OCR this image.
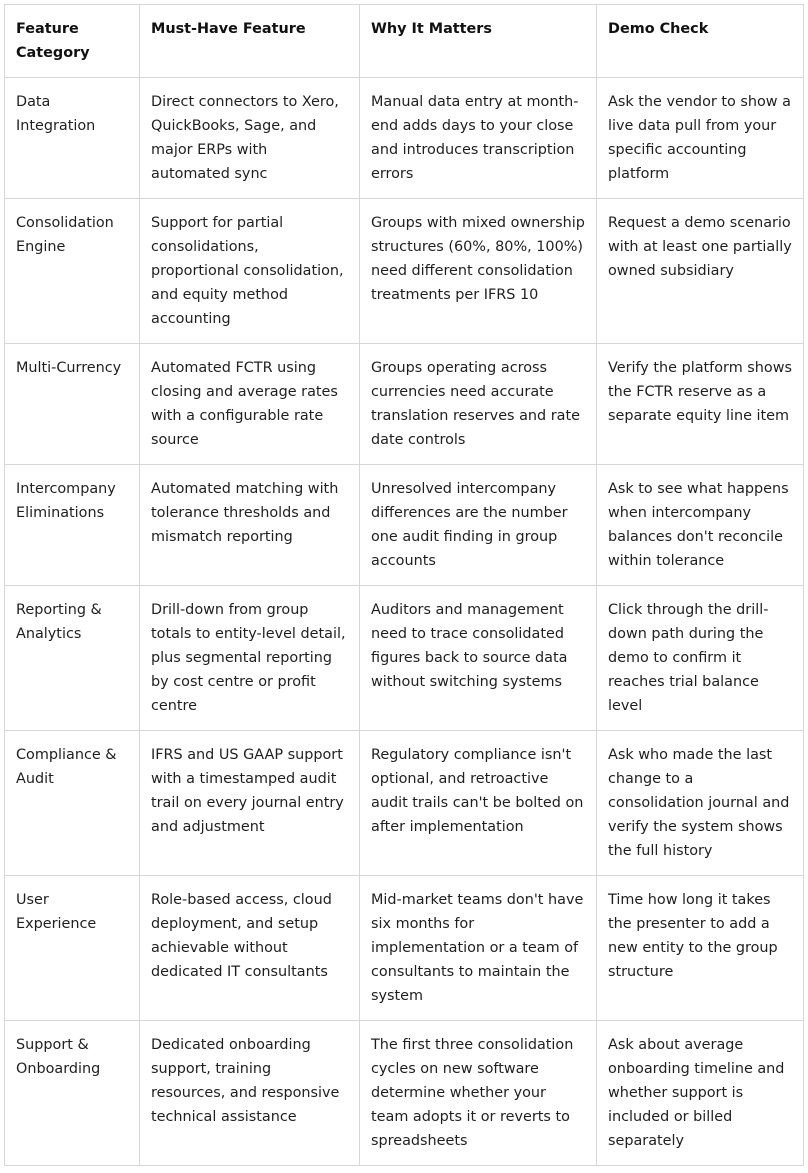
Feature Category	Must-Have Feature	Why It Matters	Demo Check
Data Integration	Direct connectors to Xero, QuickBooks, Sage, and major ERPs with automated sync	Manual data entry at month-end adds days to your close and introduces transcription errors	Ask the vendor to show a live data pull from your specific accounting platform
Consolidation Engine	Support for partial consolidations, proportional consolidation, and equity method accounting	Groups with mixed ownership structures (60%, 80%, 100%) need different consolidation treatments per IFRS 10	Request a demo scenario with at least one partially owned subsidiary
Multi-Currency	Automated FCTR using closing and average rates with a configurable rate source	Groups operating across currencies need accurate translation reserves and rate date controls	Verify the platform shows the FCTR reserve as a separate equity line item
Intercompany Eliminations	Automated matching with tolerance thresholds and mismatch reporting	Unresolved intercompany differences are the number one audit finding in group accounts	Ask to see what happens when intercompany balances don't reconcile within tolerance
Reporting & Analytics	Drill-down from group totals to entity-level detail, plus segmental reporting by cost centre or profit centre	Auditors and management need to trace consolidated figures back to source data without switching systems	Click through the drill-down path during the demo to confirm it reaches trial balance level
Compliance & Audit	IFRS and US GAAP support with a timestamped audit trail on every journal entry and adjustment	Regulatory compliance isn't optional, and retroactive audit trails can't be bolted on after implementation	Ask who made the last change to a consolidation journal and verify the system shows the full history
User Experience	Role-based access, cloud deployment, and setup achievable without dedicated IT consultants	Mid-market teams don't have six months for implementation or a team of consultants to maintain the system	Time how long it takes the presenter to add a new entity to the group structure
Support & Onboarding	Dedicated onboarding support, training resources, and responsive technical assistance	The first three consolidation cycles on new software determine whether your team adopts it or reverts to spreadsheets	Ask about average onboarding timeline and whether support is included or billed separately
